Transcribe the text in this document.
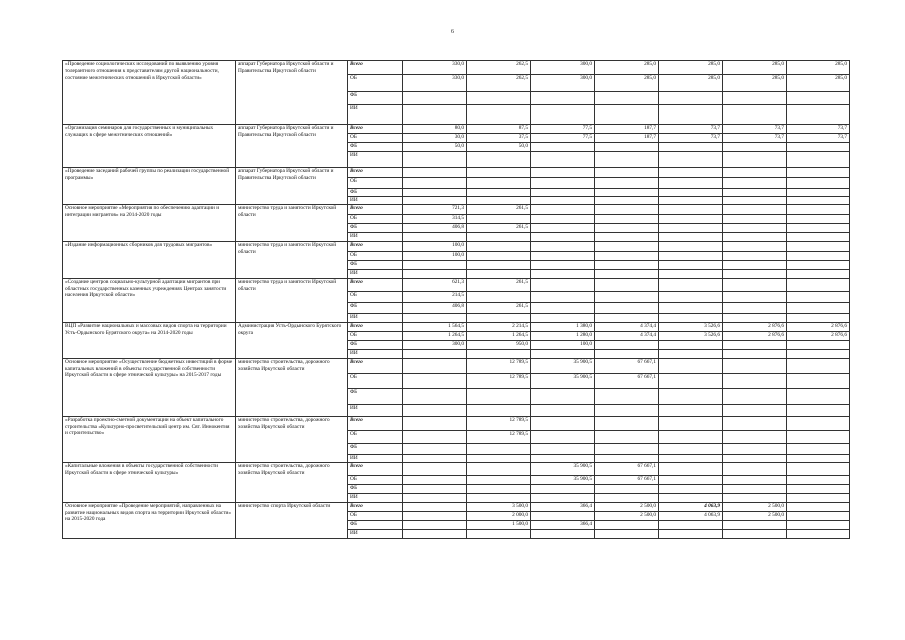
6
«Проведение социологических исследований по выявлению уровня толерантного отношения к представителям другой национальности, состояние межэтнических отношений в Иркутской области»	аппарат Губернатора Иркутской области и Правительства Иркутской области	Всего	330,0	262,5	300,0	285,0	285,0	285,0	285,0
		ОБ	330,0	262,5	300,0	285,0	285,0	285,0	285,0
		ФБ							
		ИИ							
«Организация семинаров для государственных и муниципальных служащих в сфере межэтнических отношений»	аппарат Губернатора Иркутской области и Правительства Иркутской области	Всего	80,0	87,5	77,5	187,7	73,7	73,7	73,7
		ОБ	30,0	37,5	77,5	187,7	73,7	73,7	73,7
		ФБ	50,0	50,0					
		ИИ							
«Проведение заседаний рабочей группы по реализации государственной программы»	аппарат Губернатора Иркутской области и Правительства Иркутской области	Всего							
		ОБ							
		ФБ							
		ИИ							
Основное мероприятие «Мероприятия по обеспечению адаптации и интеграции мигрантов» на 2014-2020 годы	министерство труда и занятости Иркутской области	Всего	721,3	261,5					
		ОБ	314,5						
		ФБ	406,8	261,5					
		ИИ							
«Издание информационных сборников для трудовых мигрантов»	министерство труда и занятости Иркутской области	Всего	100,0						
		ОБ	100,0						
		ФБ							
		ИИ							
«Создание центров социально-культурной адаптации мигрантов при областных государственных казенных учреждениях Центрах занятости населения Иркутской области»	министерство труда и занятости Иркутской области	Всего	621,3	261,5					
		ОБ	214,5						
		ФБ	406,8	261,5					
		ИИ							
ВЦП «Развитие национальных и массовых видов спорта на территории Усть-Ордынского Бурятского округа» на 2014-2020 годы	Администрация Усть-Ордынского Бурятского округа	Всего	1 564,5	2 214,5	1 380,0	4 374,4	3 526,6	2 876,6	2 876,6
		ОБ	1 264,5	1 264,5	1 280,0	4 374,4	3 526,6	2 876,6	2 876,6
		ФБ	300,0	950,0	100,0				
		ИИ							
Основное мероприятие «Осуществление бюджетных инвестиций в форме капитальных вложений в объекты государственной собственности Иркутской области в сфере этнической культуры» на 2015-2017 годы	министерство строительства, дорожного хозяйства Иркутской области	Всего		12 789,5	35 900,5	67 667,1			
		ОБ		12 789,5	35 900,5	67 667,1			
		ФБ							
		ИИ							
«Разработка проектно-сметной документации на объект капитального строительства «Культурно-просветительский центр им. Свт. Иннокентия и строительство»	министерство строительства, дорожного хозяйства Иркутской области	Всего		12 789,5					
		ОБ		12 789,5					
		ФБ							
		ИИ							
«Капитальные вложения в объекты государственной собственности Иркутской области в сфере этнической культуры»	министерство строительства, дорожного хозяйства Иркутской области	Всего			35 900,5	67 667,1			
		ОБ			35 900,5	67 667,1			
		ФБ							
		ИИ							
Основное мероприятие «Проведение мероприятий, направленных на развитие национальных видов спорта на территории Иркутской области» на 2015-2020 года	министерство спорта Иркутской области	Всего		3 500,0	366,4	2 500,0	4 063,9	2 500,0	
		ОБ		2 000,0		2 500,0	4 063,9	2 500,0	
		ФБ		1 500,0	366,4				
		ИИ							
